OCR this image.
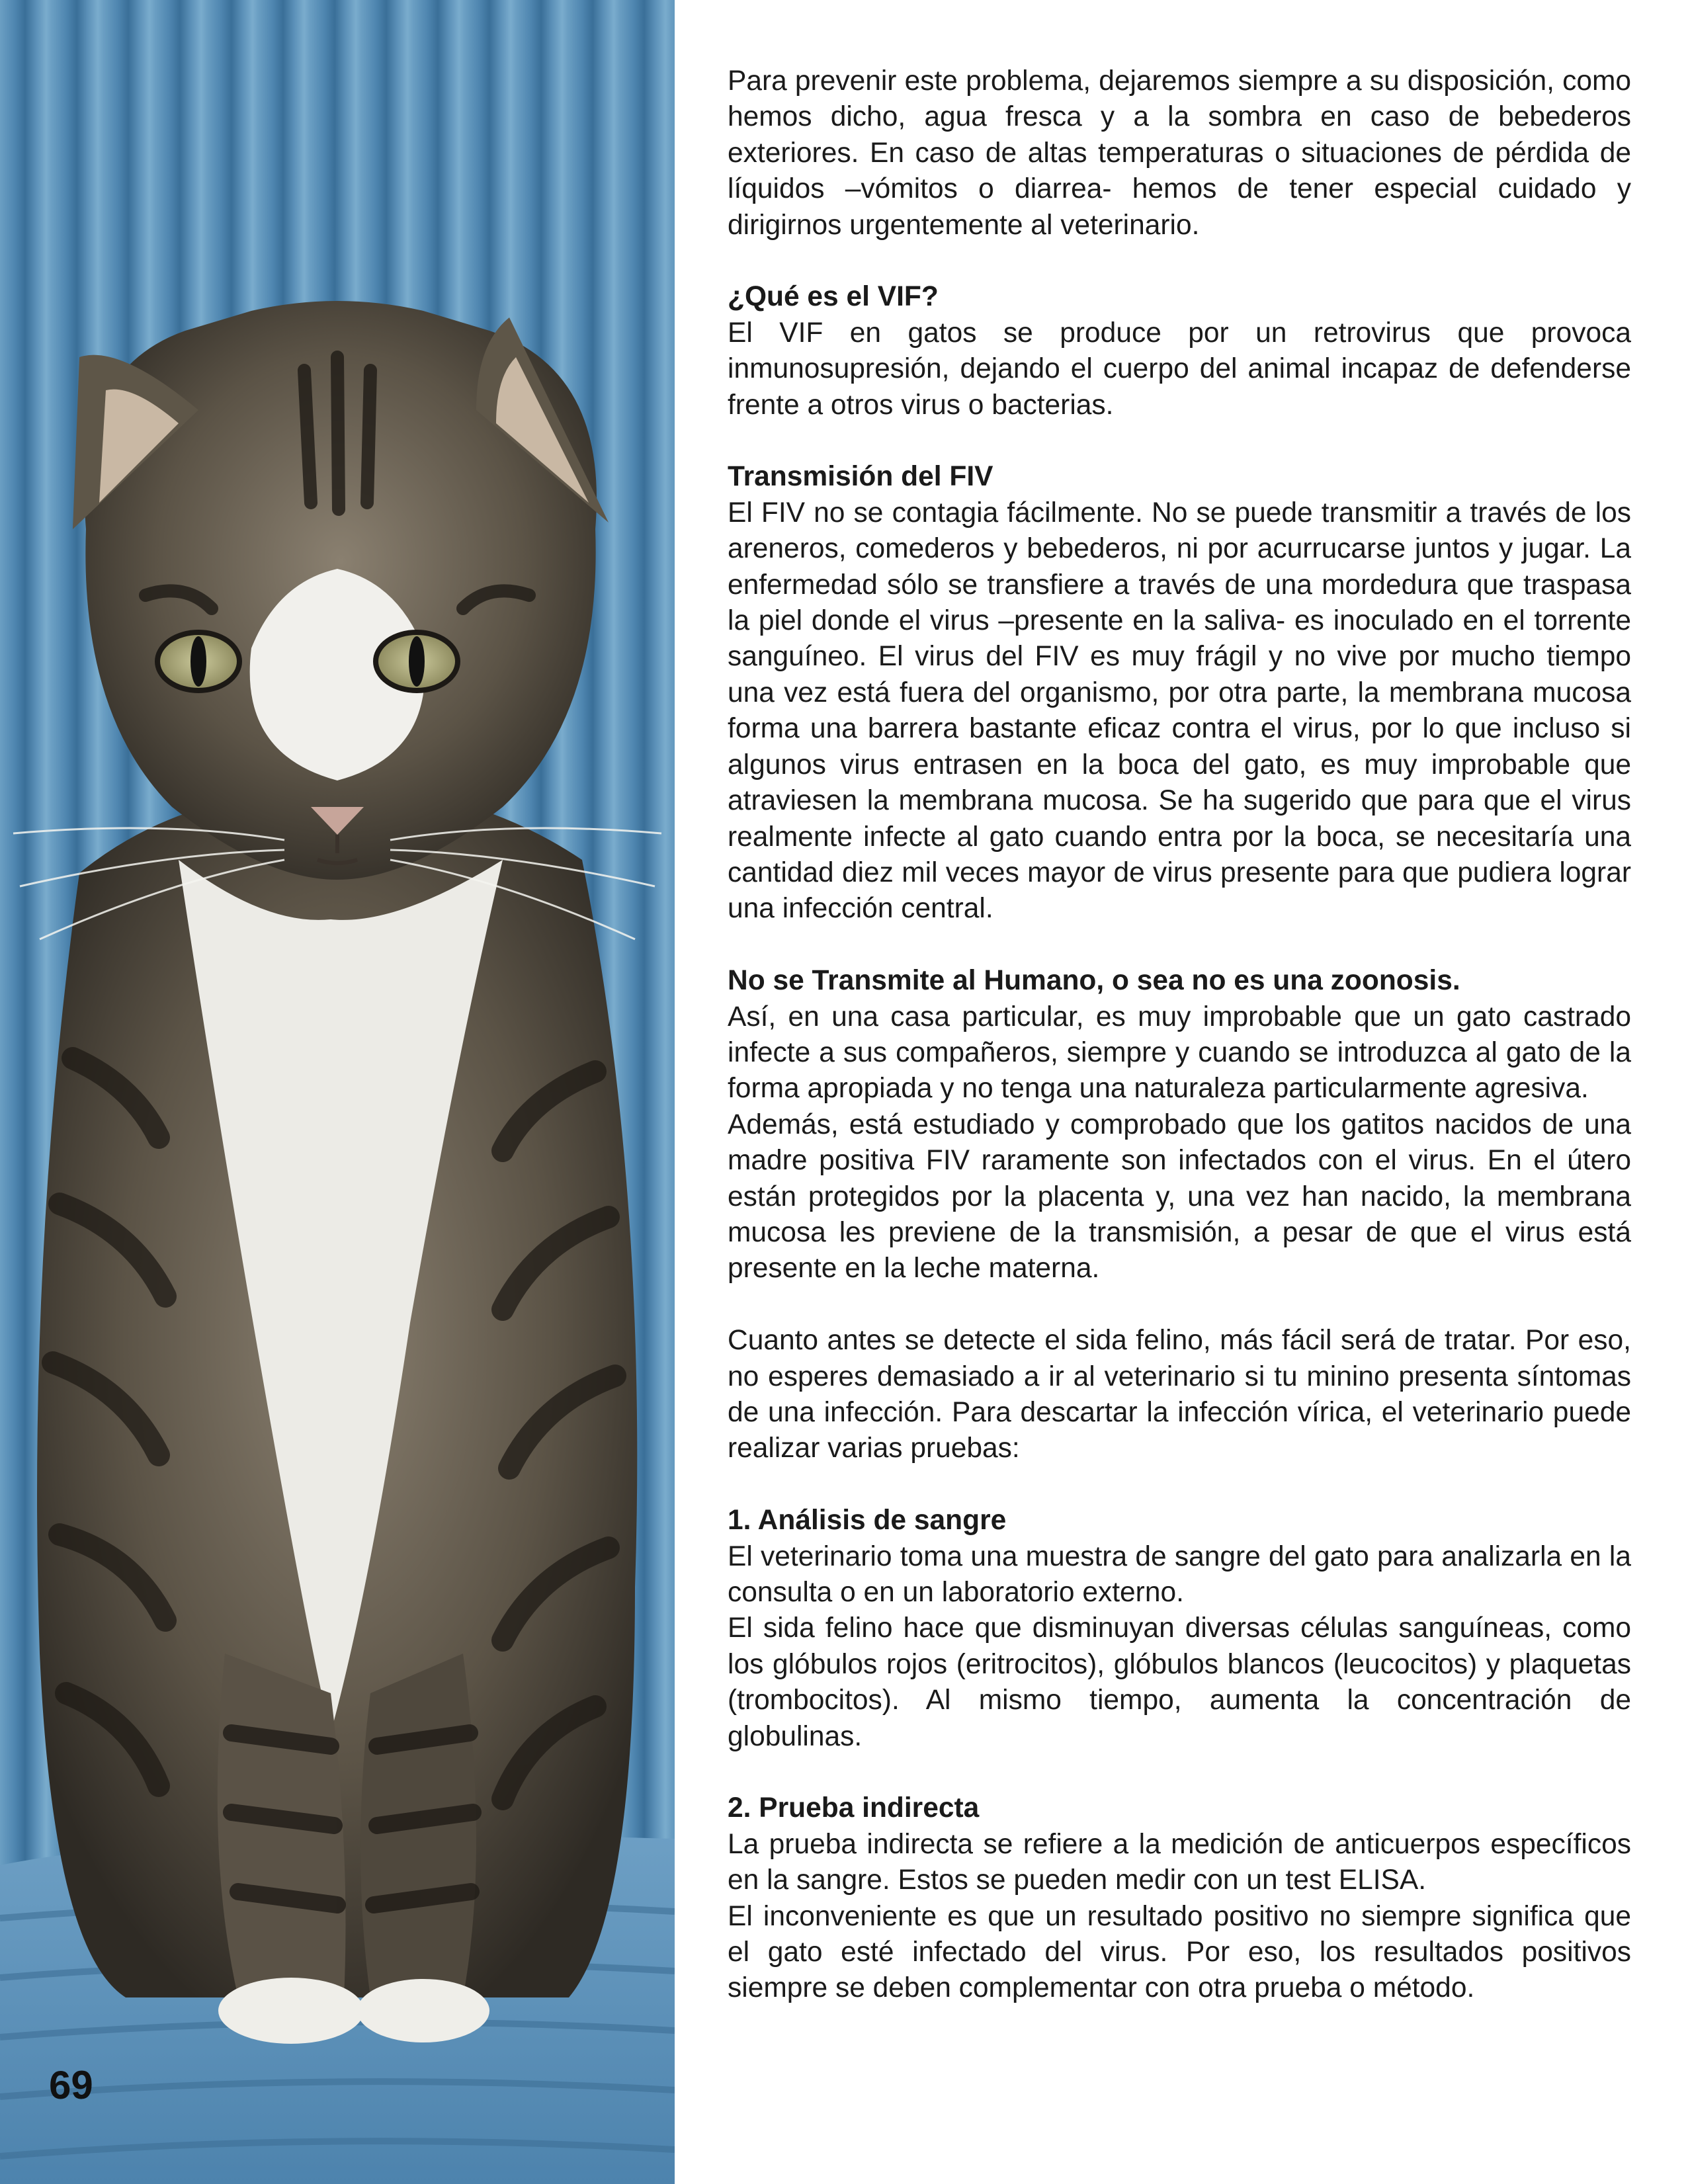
69

Para prevenir este problema, dejaremos siempre a su disposición, como hemos dicho, agua fresca y a la sombra en caso de bebederos exteriores. En caso de altas temperaturas o situaciones de pérdida de líquidos –vómitos o diarrea- hemos de tener especial cuidado y dirigirnos urgentemente al veterinario.

¿Qué es el VIF?

El VIF en gatos se produce por un retrovirus que provoca inmunosupresión, dejando el cuerpo del animal incapaz de defenderse frente a otros virus o bacterias.

Transmisión del FIV

El FIV no se contagia fácilmente. No se puede transmitir a través de los areneros, comederos y bebederos, ni por acurrucarse juntos y jugar. La enfermedad sólo se transfiere a través de una mordedura que traspasa la piel donde el virus –presente en la saliva- es inoculado en el torrente sanguíneo. El virus del FIV es muy frágil y no vive por mucho tiempo una vez está fuera del organismo, por otra parte, la membrana mucosa forma una barrera bastante eficaz contra el virus, por lo que incluso si algunos virus entrasen en la boca del gato, es muy improbable que atraviesen la membrana mucosa. Se ha sugerido que para que el virus realmente infecte al gato cuando entra por la boca, se necesitaría una cantidad diez mil veces mayor de virus presente para que pudiera lograr una infección central.

No se Transmite al Humano, o sea no es una zoonosis.

Así, en una casa particular, es muy improbable que un gato castrado infecte a sus compañeros, siempre y cuando se introduzca al gato de la forma apropiada y no tenga una naturaleza particularmente agresiva.

Además, está estudiado y comprobado que los gatitos nacidos de una madre positiva FIV raramente son infectados con el virus. En el útero están protegidos por la placenta y, una vez han nacido, la membrana mucosa les previene de la transmisión, a pesar de que el virus está presente en la leche materna.

Cuanto antes se detecte el sida felino, más fácil será de tratar. Por eso, no esperes demasiado a ir al veterinario si tu minino presenta síntomas de una infección. Para descartar la infección vírica, el veterinario puede realizar varias pruebas:

1. Análisis de sangre

El veterinario toma una muestra de sangre del gato para analizarla en la consulta o en un laboratorio externo.

El sida felino hace que disminuyan diversas células sanguíneas, como los glóbulos rojos (eritrocitos), glóbulos blancos (leucocitos) y plaquetas (trombocitos). Al mismo tiempo, aumenta la concentración de globulinas.

2. Prueba indirecta

La prueba indirecta se refiere a la medición de anticuerpos específicos en la sangre. Estos se pueden medir con un test ELISA.

El inconveniente es que un resultado positivo no siempre significa que el gato esté infectado del virus. Por eso, los resultados positivos siempre se deben complementar con otra prueba o método.
